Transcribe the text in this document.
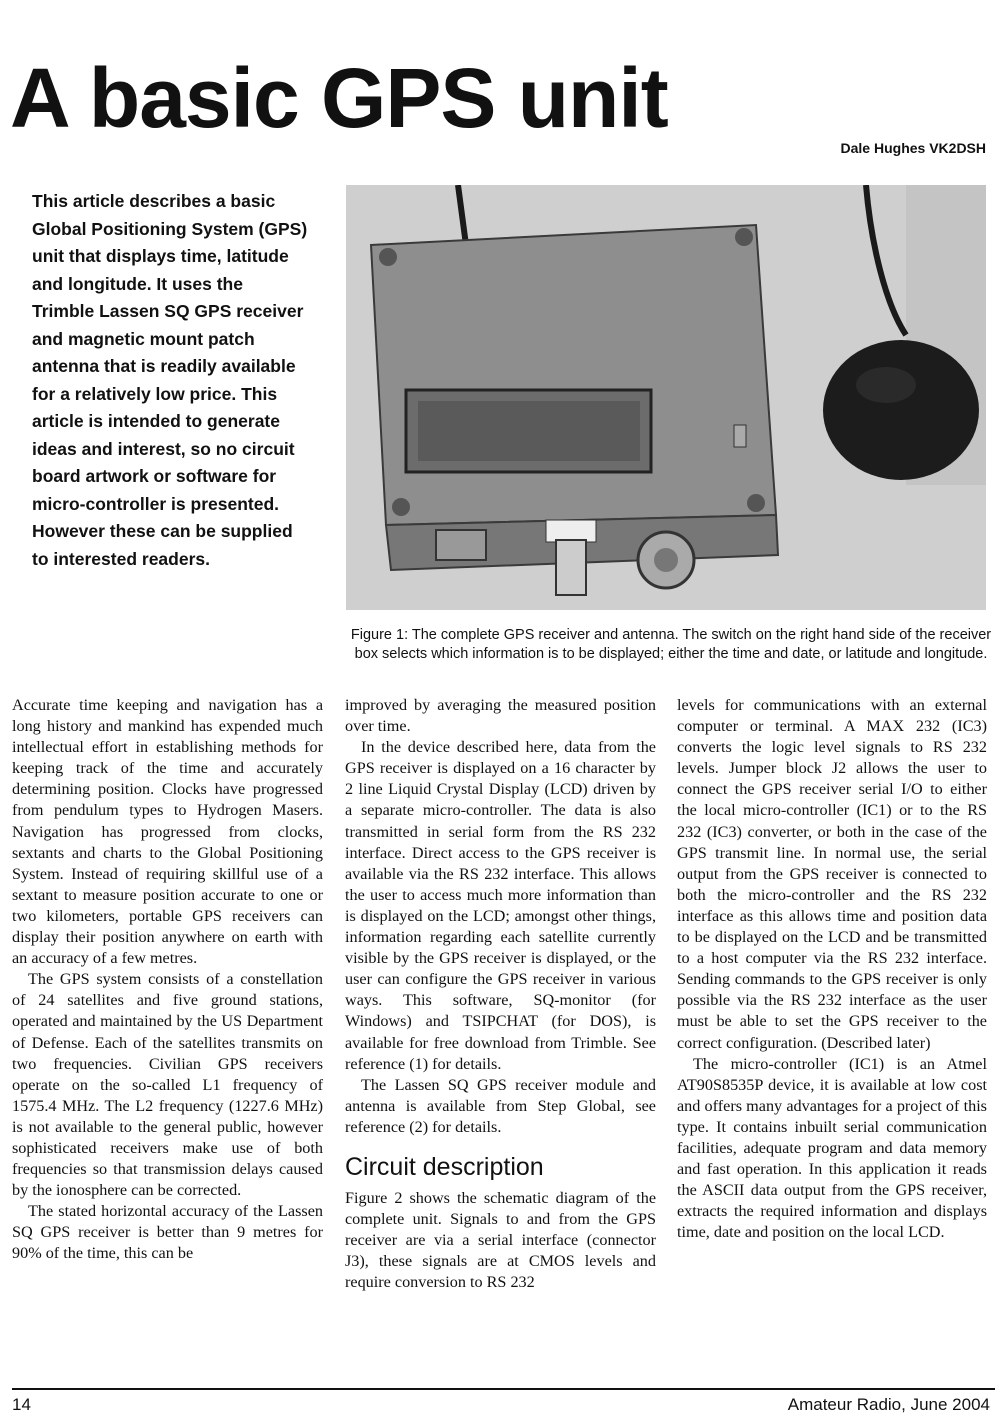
A basic GPS unit
Dale Hughes VK2DSH

This article describes a basic Global Positioning System (GPS) unit that displays time, latitude and longitude. It uses the Trimble Lassen SQ GPS receiver and magnetic mount patch antenna that is readily available for a relatively low price. This article is intended to generate ideas and interest, so no circuit board artwork or software for micro-controller is presented. However these can be supplied to interested readers.

Figure 1: The complete GPS receiver and antenna. The switch on the right hand side of the receiver box selects which information is to be displayed; either the time and date, or latitude and longitude.

Accurate time keeping and navigation has a long history and mankind has expended much intellectual effort in establishing methods for keeping track of the time and accurately determining position. Clocks have progressed from pendulum types to Hydrogen Masers. Navigation has progressed from clocks, sextants and charts to the Global Positioning System. Instead of requiring skillful use of a sextant to measure position accurate to one or two kilometers, portable GPS receivers can display their position anywhere on earth with an accuracy of a few metres.

The GPS system consists of a constellation of 24 satellites and five ground stations, operated and maintained by the US Department of Defense. Each of the satellites transmits on two frequencies. Civilian GPS receivers operate on the so-called L1 frequency of 1575.4 MHz. The L2 frequency (1227.6 MHz) is not available to the general public, however sophisticated receivers make use of both frequencies so that transmission delays caused by the ionosphere can be corrected.

The stated horizontal accuracy of the Lassen SQ GPS receiver is better than 9 metres for 90% of the time, this can be

improved by averaging the measured position over time.

In the device described here, data from the GPS receiver is displayed on a 16 character by 2 line Liquid Crystal Display (LCD) driven by a separate micro-controller. The data is also transmitted in serial form from the RS 232 interface. Direct access to the GPS receiver is available via the RS 232 interface. This allows the user to access much more information than is displayed on the LCD; amongst other things, information regarding each satellite currently visible by the GPS receiver is displayed, or the user can configure the GPS receiver in various ways. This software, SQ-monitor (for Windows) and TSIPCHAT (for DOS), is available for free download from Trimble. See reference (1) for details.

The Lassen SQ GPS receiver module and antenna is available from Step Global, see reference (2) for details.

Circuit description

Figure 2 shows the schematic diagram of the complete unit. Signals to and from the GPS receiver are via a serial interface (connector J3), these signals are at CMOS levels and require conversion to RS 232

levels for communications with an external computer or terminal. A MAX 232 (IC3) converts the logic level signals to RS 232 levels. Jumper block J2 allows the user to connect the GPS receiver serial I/O to either the local micro-controller (IC1) or to the RS 232 (IC3) converter, or both in the case of the GPS transmit line. In normal use, the serial output from the GPS receiver is connected to both the micro-controller and the RS 232 interface as this allows time and position data to be displayed on the LCD and be transmitted to a host computer via the RS 232 interface. Sending commands to the GPS receiver is only possible via the RS 232 interface as the user must be able to set the GPS receiver to the correct configuration. (Described later)

The micro-controller (IC1) is an Atmel AT90S8535P device, it is available at low cost and offers many advantages for a project of this type. It contains inbuilt serial communication facilities, adequate program and data memory and fast operation. In this application it reads the ASCII data output from the GPS receiver, extracts the required information and displays time, date and position on the local LCD.

14	Amateur Radio, June 2004
